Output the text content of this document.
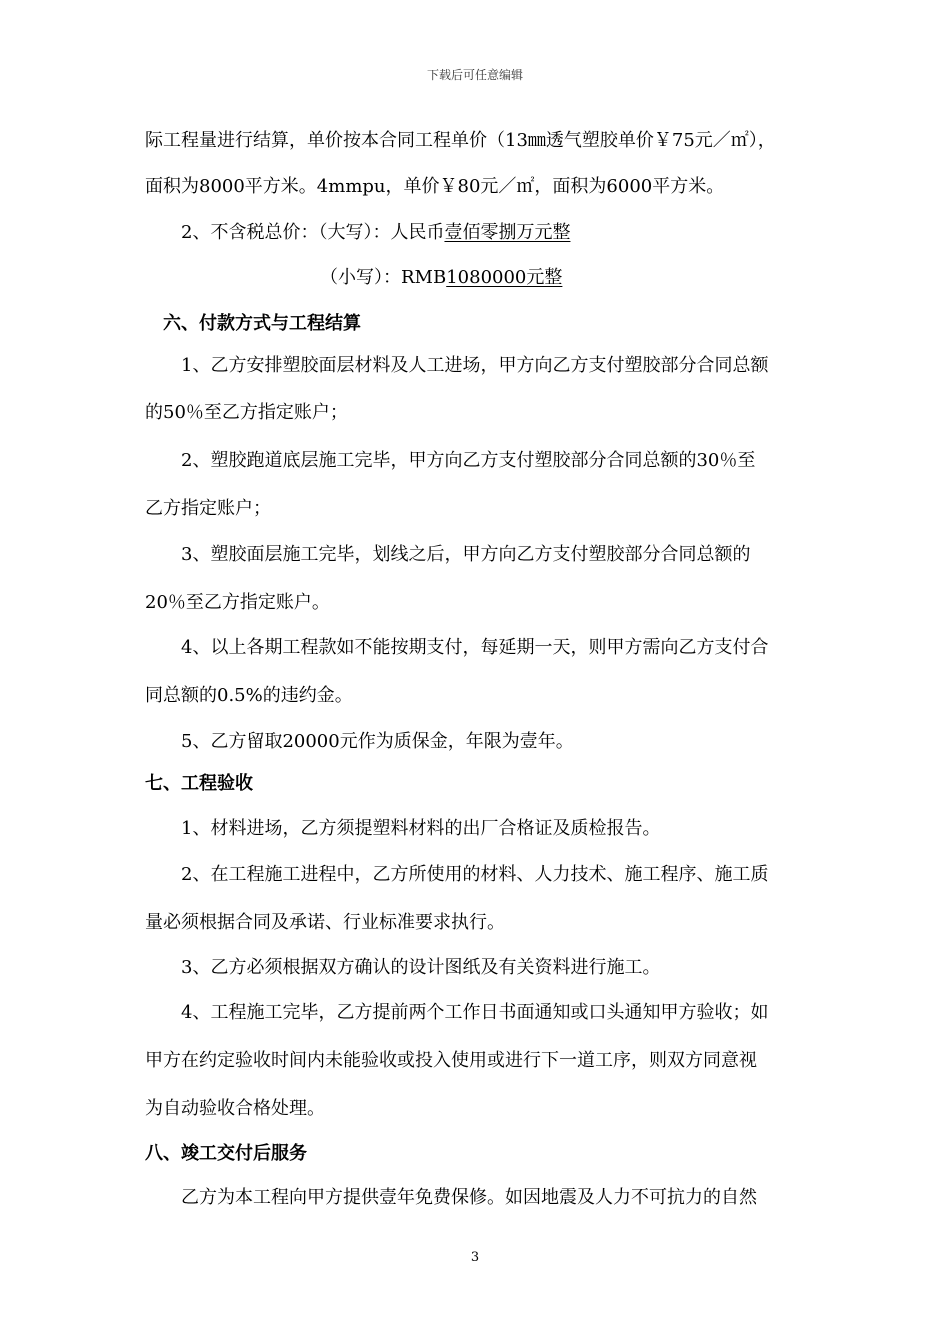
下载后可任意编辑
际工程量进行结算，单价按本合同工程单价（13㎜透气塑胶单价￥75元／㎡），
面积为8000平方米。4mmpu，单价￥80元／㎡，面积为6000平方米。
2、不含税总价：（大写）：人民币壹佰零捌万元整
（小写）：RMB1080000元整
六、付款方式与工程结算
1、乙方安排塑胶面层材料及人工进场，甲方向乙方支付塑胶部分合同总额
的50％至乙方指定账户；
2、塑胶跑道底层施工完毕，甲方向乙方支付塑胶部分合同总额的30％至
乙方指定账户；
3、塑胶面层施工完毕，划线之后，甲方向乙方支付塑胶部分合同总额的
20％至乙方指定账户。
4、以上各期工程款如不能按期支付，每延期一天，则甲方需向乙方支付合
同总额的0.5%的违约金。
5、乙方留取20000元作为质保金，年限为壹年。
七、工程验收
1、材料进场，乙方须提塑料材料的出厂合格证及质检报告。
2、在工程施工进程中，乙方所使用的材料、人力技术、施工程序、施工质
量必须根据合同及承诺、行业标准要求执行。
3、乙方必须根据双方确认的设计图纸及有关资料进行施工。
4、工程施工完毕，乙方提前两个工作日书面通知或口头通知甲方验收；如
甲方在约定验收时间内未能验收或投入使用或进行下一道工序，则双方同意视
为自动验收合格处理。
八、竣工交付后服务
乙方为本工程向甲方提供壹年免费保修。如因地震及人力不可抗力的自然
3
